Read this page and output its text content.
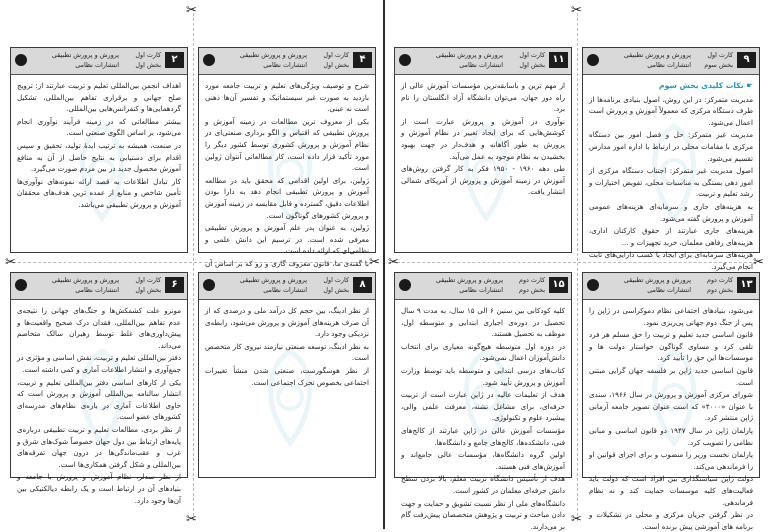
✂	✂
✂	✂ ✂	✂
✂	✂
۲
کارت اول
پرورش و پرورش تطبیقی
بخش اول
انتشارات نظامی

اهداف انجمن بین‌المللی تعلیم و تربیت عبارتند از: ترویج صلح جهانی و برقراری تفاهم بین‌المللی، تشکیل گردهمایی‌ها و کنفرانس‌هایی بین‌المللی.

بیشتر مطالعاتی که در زمینه فرآیند نوآوری انجام می‌شود، بر اساس الگوی صنعتی است.

در صنعت، همیشه به ترتیب ایدهٔ تولید، تحقیق و سپس اقدام برای دستیابی به نتایج حاصل از آن به منافع آموزش محصول جدید در بین مردم صورت می‌گیرد.

کار تبادل اطلاعات به قصد ارائه نمونه‌های نوآوری‌ها تأمین شاخص و منابع از عمده ترین هدف‌های محققان آموزش و پرورش تطبیقی می‌باشد.

۴
کارت اول
پرورش و پرورش تطبیقی
بخش اول
انتشارات نظامی

شرح و توصیف ویژگی‌های تعلیم و تربیت جامعه مورد بازدید به صورت غیر سیستماتیک و تفسیر آن‌ها ذهنی است نه عینی.

یکی از معروف ترین مطالعات در زمینه آموزش و پرورش تطبیقی که اقتباس و الگو برداری صنعتی‌ای در نظام آموزش و پرورش کشوری توسط کشور دیگر را مورد تأکید قرار داده است، کار مطالعاتی آنتوان ژولین است.

ژولین، برای اولین اقدامی که محقق باید در مطالعه آموزش و پرورش تطبیقی انجام دهد به دارا بودن اطلاعات دقیق، گسترده و قابل مقایسه در زمینه آموزش و پرورش کشورهای گوناگون است.

ژولین، به عنوان پدر علم آموزش و پرورش تطبیقی معرفی شده است. در ترسیم این دانش علمی و نظامی‌ای که ارائه داده است.

با گفته‌ی ما، قانون معروف گاری و رو که بر اساس آن

۶
کارت اول
پرورش و پرورش تطبیقی
بخش اول
انتشارات نظامی

مونرو علت کشمکش‌ها و جنگ‌های جهانی را نتیجه‌ی عدم تفاهم بین‌المللی، فقدان درک صحیح واقعیت‌ها و پیش‌داوری‌های غلط توسط رهبران سالک متخاصم می‌داند.

دفتر بین‌المللی تعلیم و تربیت، نقش اساسی و مؤثری در جمع‌آوری و انتشار اطلاعات آماری و کمی داشته است.

یکی از کارهای اساسی دفتر بین‌المللی تعلیم و تربیت، انتشار سالنامه بین‌المللی آموزش و پرورش است که حاوی اطلاعات آماری در باره‌ی نظام‌های مدرسه‌ای کشورهای عضو است.

از نظر بردی، مطالعات تعلیم و تربیت تطبیقی درباره‌ی پایه‌های ارتباط بین دول جهان خصوصاً شوک‌های شرق و غرب و عقب‌ماندگی‌ها در درون جهان تفرقه‌های بین‌المللی و شکل گرفتن همکاری‌ها است.

از نظر سدلر، نظام آموزش و پرورش با جامعه و بنیادهای آن در ارتباط است و یک رابطه دیالکتیکی بین آن‌ها وجود دارد.

۸
کارت اول
پرورش و پرورش تطبیقی
بخش اول
انتشارات نظامی

از نظر ادینگ، بین حجم کل درآمد ملی و درصدی که از آن صرف هزینه‌های آموزش و پرورش می‌شود، رابطه‌ی نزدیکی وجود دارد.

به نظر ادینگ، توسعه صنعتی نیازمند نیروی کار متخصص است.

از نظر هوسگورست، صنعتی شدن منشأ تغییرات اجتماعی بخصوص تحرک اجتماعی است.

۹
کارت اول
پرورش و پرورش تطبیقی
بخش سوم
انتشارات نظامی
☛ نکات کلیدی بخش سوم

مدیریت متمرکز: در این روش، اصول بنیادی برنامه‌ها از طرف دستگاه مرکزی که معمولاً آموزش و پرورش است اعمال می‌شود.

مدیریت غیر متمرکز: حل و فصل امور بین دستگاه مرکزی با مقامات محلی در ارتباط با اداره امور مدارس تقسیم می‌شود.

اصول مدیریت غیر متمرکز: اجتناب دستگاه مرکزی از امور دهی بستگی به مناسبات محلی، تفویض اختیارات و رشد تعلیم و تربیت.

به هزینه‌های جاری و سرمایه‌ای هزینه‌های عمومی آموزش و پرورش گفته می‌شود.

هزینه‌های جاری عبارتند از حقوق کارکنان اداری، هزینه‌های رفاهی معلمان، خرید تجهیزات و ...

هزینه‌های سرمایه‌ای برای ایجاد یا کسب دارایی‌های ثابت انجام می‌گیرد.

۱۱
کارت اول
پرورش و پرورش تطبیقی
بخش اول
انتشارات نظامی

از مهم ترین و باسابقه‌ترین مؤسسات آموزش عالی از راه دور جهان، می‌توان دانشگاه آزاد انگلستان را نام برد.

نوآوری در آموزش و پرورش عبارت است از کوشش‌هایی که برای ایجاد تغییر در نظام آموزش و پرورش به طور آگاهانه و هدف‌دار در جهت بهبود بخشیدن به نظام موجود به عمل می‌آید.

طی دهه ۱۹۶۰ - ۱۹۵۰ فکر به کار گرفتن روش‌های آموزش در زمینه آموزش و پرورش از آمریکای شمالی انتشار یافت.

۱۳
کارت دوم
پرورش و پرورش تطبیقی
بخش دوم
انتشارات نظامی

می‌شود، بنیادهای اجتماعی نظام دموکراسی در ژاپن را پس از جنگ دوم جهانی پی‌ریزی نمود.

قانون اساسی جدید تعلیم و تربیت را حق مسلم هر فرد تلقی کرد و مساوی گوناگون خواستار دولت ها و موسسات‌ها این حق را تأیید کرد.

قانون اساسی جدید ژاپن بر فلسفه جهان گرایی مبتنی است.

شورای مرکزی آموزش و پرورش در سال ۱۹۶۶، سندی با عنوان «۴۰۰۰» که است عنوان تصویر جامعه آرمانی ژاپن منتشر کرد.

پارلمان ژاپن در سال ۱۹۴۷ دو قانون اساسی و مبانی نظامی را تصویب کرد.

پارلمان نخست وزیر را منصوب و برای اجرای قوانین او را فرماندهی می‌کند.

دولت ژاپن سیاستگذاری بین افراد است که دولت باید فعالیت‌های کلیه موسسات حمایت کند و نه نظام فرماندهی.

در نظر گرفتن جریان مرکزی و محلی در تشکیلات و برنامه های آموزشی پیش برنده است.

۱۵
کارت دوم
پرورش و پرورش تطبیقی
بخش دوم
انتشارات نظامی

کلیه کودکانی بین سنین ۶ الی ۱۵ سال، به مدت ۹ سال تحصیل در دوره‌ی اجباری ابتدایی و متوسطه اول، موظف به تحصیل هستند.

در دوره اول متوسطه هیچ‌گونه معیاری برای انتخاب دانش‌آموزان اعمال نمی‌شود.

کتاب‌های درسی ابتدایی و متوسطه باید توسط وزارت آموزش و پرورش تأیید شود.

هدف از تعلیمات عالیه در ژاپن عبارت است از تربیت حرفه‌ای، برای مشاغل تشنه، معرفت علمی والی، پیشبرد علوم و تکنولوژی.

مؤسسات آموزش عالی در ژاپن عبارتند از کالج‌های فنی، دانشکده‌ها، کالج‌های جامع و دانشگاه‌ها.

اولین گروه دانشگاه‌ها، مؤسسات عالی جامع‌اند و آموزش‌های فنی هستند.

هدف از تأسیس دانشگاه تربیت معلم، بالا بردن سطح دانش حرفه‌ای معلمان در کشور است.

دانشگاه‌های ملی از نظر نسبت تشویق و حمایت و جهت دادن مباحث و تربیت و پژوهش متخصصان پیش‌رفت گام بر می‌دارند.
